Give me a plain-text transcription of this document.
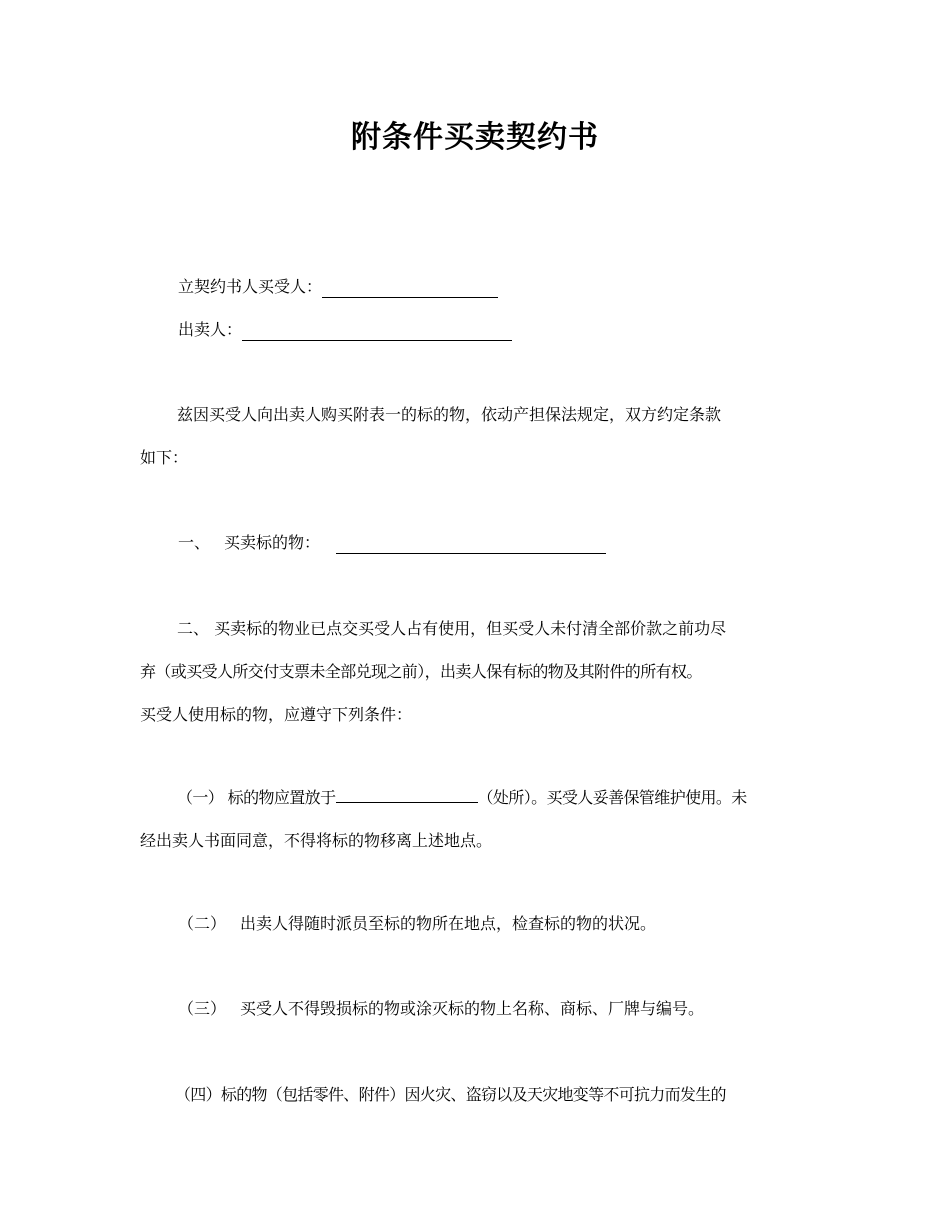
附条件买卖契约书
立契约书人买受人：
出卖人：
兹因买受人向出卖人购买附表一的标的物，依动产担保法规定，双方约定条款
如下：
一、 买卖标的物：
二、 买卖标的物业已点交买受人占有使用，但买受人未付清全部价款之前功尽
弃（或买受人所交付支票未全部兑现之前），出卖人保有标的物及其附件的所有权。
买受人使用标的物，应遵守下列条件：
（一） 标的物应置放于	（处所）。买受人妥善保管维护使用。未
经出卖人书面同意，不得将标的物移离上述地点。
（二） 出卖人得随时派员至标的物所在地点，检查标的物的状况。
（三） 买受人不得毁损标的物或涂灭标的物上名称、商标、厂牌与编号。
（四）标的物（包括零件、附件）因火灾、盗窃以及天灾地变等不可抗力而发生的
